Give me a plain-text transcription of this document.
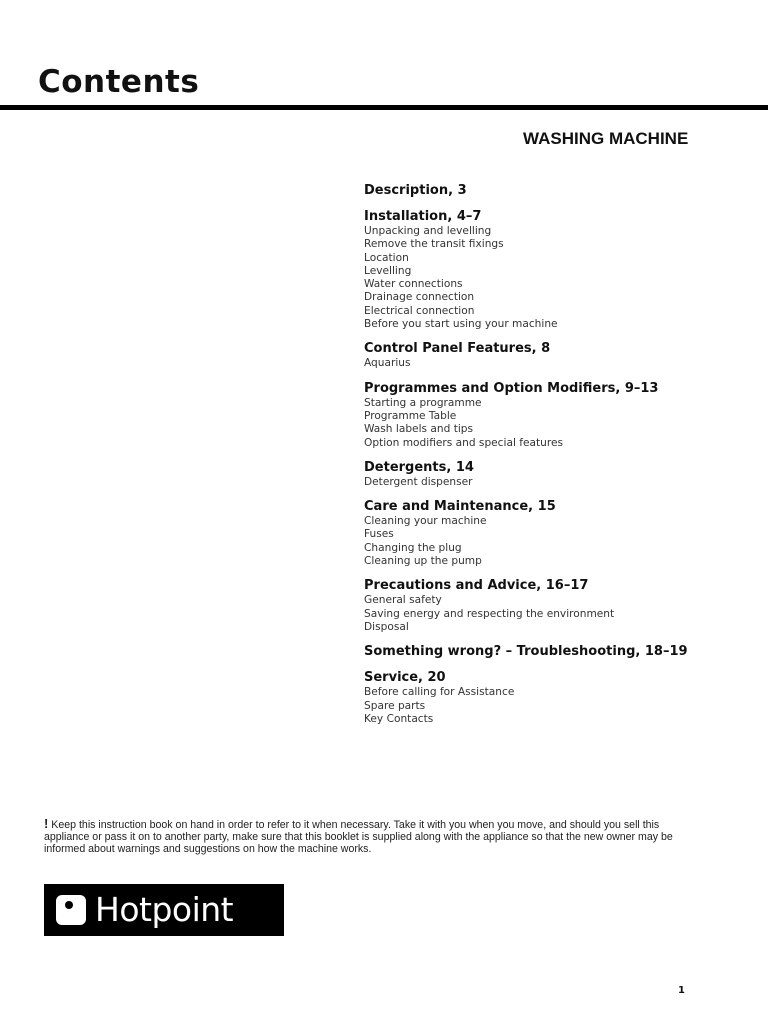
Contents
WASHING MACHINE
Description, 3
Installation, 4–7
Unpacking and levelling
Remove the transit fixings
Location
Levelling
Water connections
Drainage connection
Electrical connection
Before you start using your machine
Control Panel Features, 8
Aquarius
Programmes and Option Modifiers, 9–13
Starting a programme
Programme Table
Wash labels and tips
Option modifiers and special features
Detergents, 14
Detergent dispenser
Care and Maintenance, 15
Cleaning your machine
Fuses
Changing the plug
Cleaning up the pump
Precautions and Advice, 16–17
General safety
Saving energy and respecting the environment
Disposal
Something wrong? – Troubleshooting, 18–19
Service, 20
Before calling for Assistance
Spare parts
Key Contacts
! Keep this instruction book on hand in order to refer to it when necessary. Take it with you when you move, and should you sell this appliance or pass it on to another party, make sure that this booklet is supplied along with the appliance so that the new owner may be informed about warnings and suggestions on how the machine works.
Hotpoint
1
